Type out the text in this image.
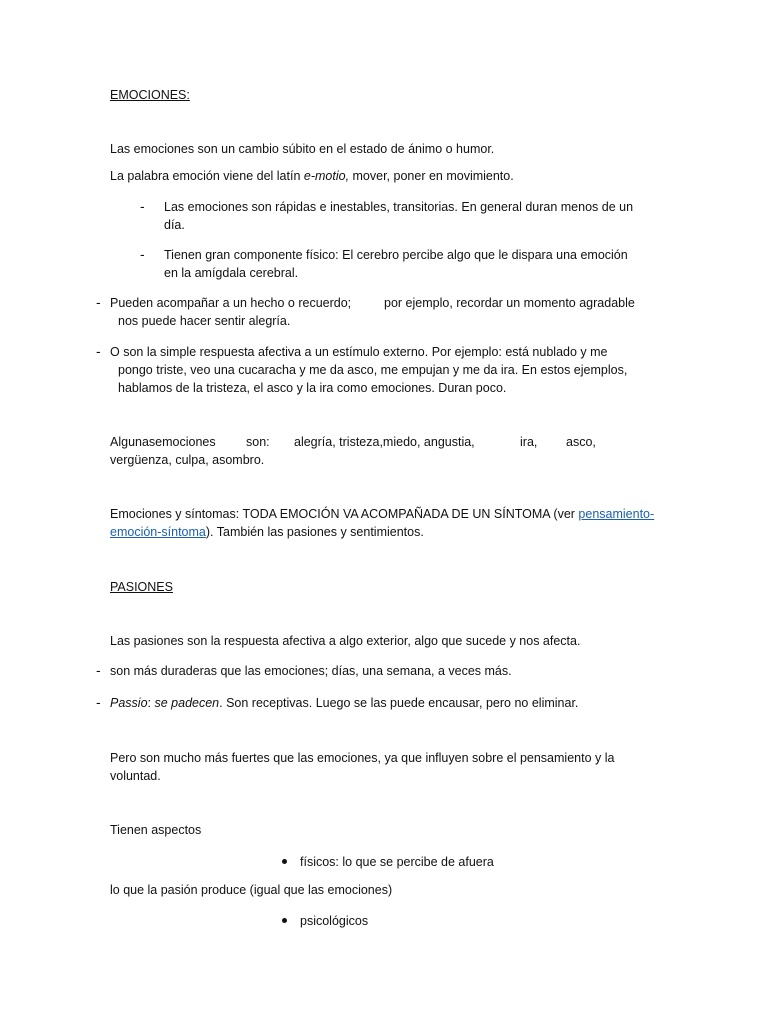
EMOCIONES:
Las emociones son un cambio súbito en el estado de ánimo o humor.
La palabra emoción viene del latín e-motio, mover, poner en movimiento.
- Las emociones son rápidas e inestables, transitorias. En general duran menos de un
día.
- Tienen gran componente físico: El cerebro percibe algo que le dispara una emoción
en la amígdala cerebral.
- Pueden acompañar a un hecho o recuerdo;	por ejemplo, recordar un momento agradable
nos puede hacer sentir alegría.
- O son la simple respuesta afectiva a un estímulo externo. Por ejemplo: está nublado y me
pongo triste, veo una cucaracha y me da asco, me empujan y me da ira. En estos ejemplos,
hablamos de la tristeza, el asco y la ira como emociones. Duran poco.
Algunasemociones son: alegría, tristeza,miedo, angustia,	ira, asco,
vergüenza, culpa, asombro.
Emociones y síntomas: TODA EMOCIÓN VA ACOMPAÑADA DE UN SÍNTOMA (ver pensamiento-
emoción-síntoma). También las pasiones y sentimientos.
PASIONES
Las pasiones son la respuesta afectiva a algo exterior, algo que sucede y nos afecta.
- son más duraderas que las emociones; días, una semana, a veces más.
- Passio: se padecen. Son receptivas. Luego se las puede encausar, pero no eliminar.
Pero son mucho más fuertes que las emociones, ya que influyen sobre el pensamiento y la
voluntad.
Tienen aspectos
físicos: lo que se percibe de afuera
lo que la pasión produce (igual que las emociones)
psicológicos
